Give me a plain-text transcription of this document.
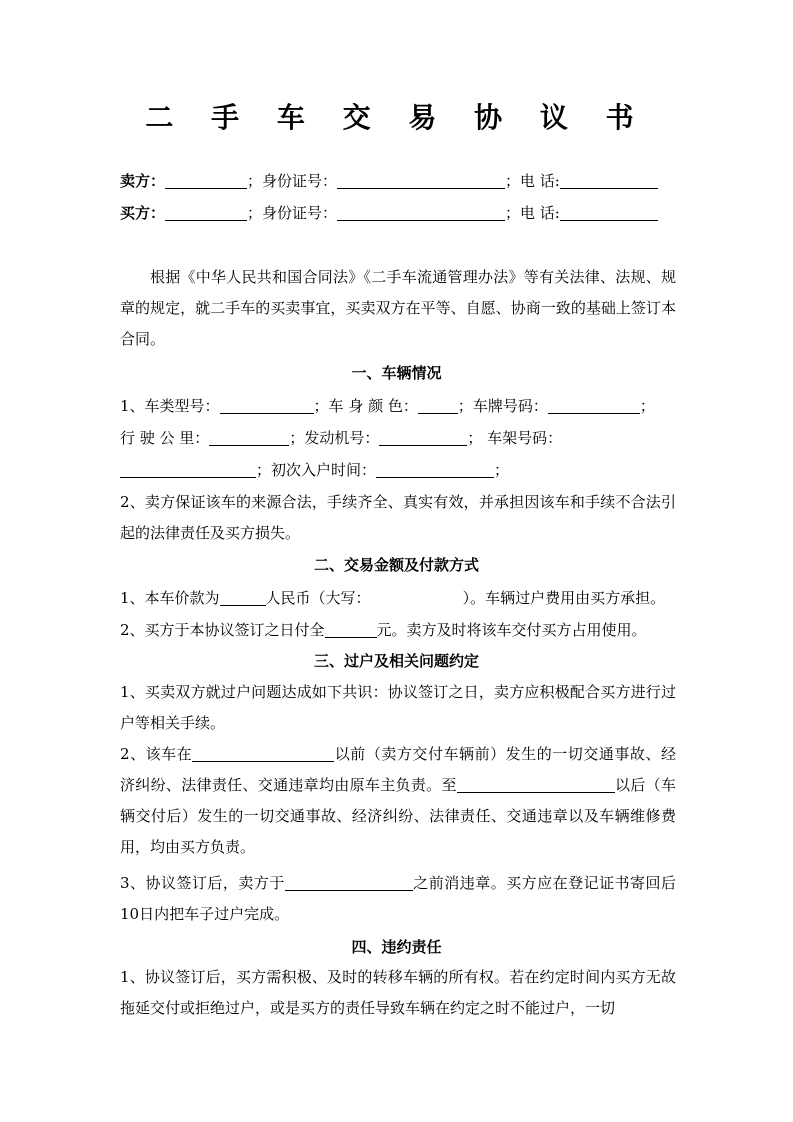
二 手 车 交 易 协 议 书
卖方：	；身份证号：	；电 话:
买方：	；身份证号：	；电 话:
根据《中华人民共和国合同法》《二手车流通管理办法》等有关法律、法规、规章的规定，就二手车的买卖事宜，买卖双方在平等、自愿、协商一致的基础上签订本合同。
一、车辆情况
1、车类型号：	；车 身 颜 色：	；车牌号码：	；
行 驶 公 里：	；发动机号：	； 车架号码：
；初次入户时间：	；
2、卖方保证该车的来源合法，手续齐全、真实有效，并承担因该车和手续不合法引起的法律责任及买方损失。
二、交易金额及付款方式
1、本车价款为	人民币（大写：	）。车辆过户费用由买方承担。
2、买方于本协议签订之日付全	元。卖方及时将该车交付买方占用使用。
三、过户及相关问题约定
1、买卖双方就过户问题达成如下共识：协议签订之日，卖方应积极配合买方进行过户等相关手续。
2、该车在	以前（卖方交付车辆前）发生的一切交通事故、经济纠纷、法律责任、交通违章均由原车主负责。至	以后（车辆交付后）发生的一切交通事故、经济纠纷、法律责任、交通违章以及车辆维修费用，均由买方负责。
3、协议签订后，卖方于	之前消违章。买方应在登记证书寄回后10日内把车子过户完成。
四、违约责任
1、协议签订后，买方需积极、及时的转移车辆的所有权。若在约定时间内买方无故拖延交付或拒绝过户，或是买方的责任导致车辆在约定之时不能过户，一切
